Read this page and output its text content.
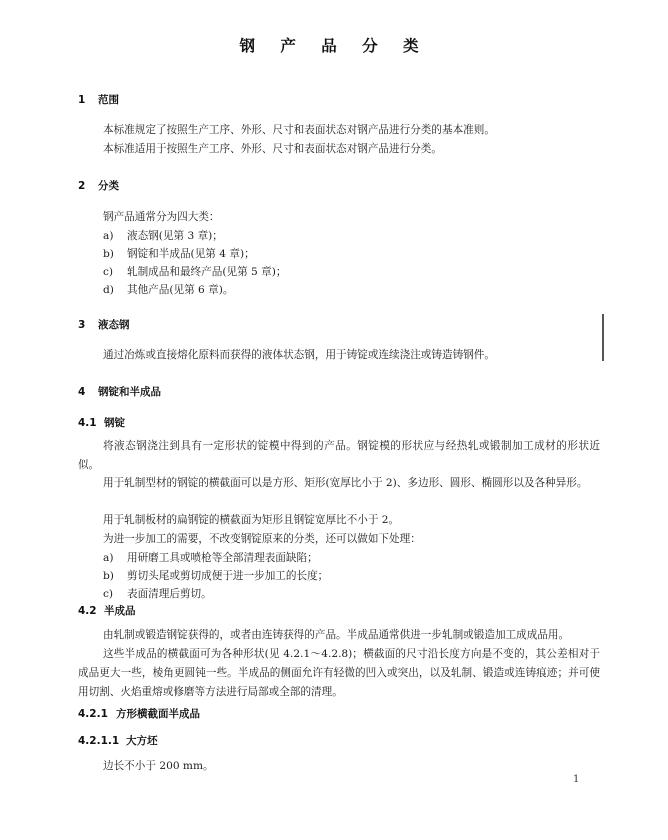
钢 产 品 分 类
1 范围
本标准规定了按照生产工序、外形、尺寸和表面状态对钢产品进行分类的基本准则。
本标准适用于按照生产工序、外形、尺寸和表面状态对钢产品进行分类。
2 分类
钢产品通常分为四大类：
a) 液态钢(见第 3 章)；
b) 钢锭和半成品(见第 4 章)；
c) 轧制成品和最终产品(见第 5 章)；
d) 其他产品(见第 6 章)。
3 液态钢
通过冶炼或直接熔化原料而获得的液体状态钢，用于铸锭或连续浇注或铸造铸钢件。
4 钢锭和半成品
4.1 钢锭
将液态钢浇注到具有一定形状的锭模中得到的产品。钢锭模的形状应与经热轧或锻制加工成材的形状近似。
用于轧制型材的钢锭的横截面可以是方形、矩形(宽厚比小于 2)、多边形、圆形、椭圆形以及各种异形。
用于轧制板材的扁钢锭的横截面为矩形且钢锭宽厚比不小于 2。
为进一步加工的需要，不改变钢锭原来的分类，还可以做如下处理：
a) 用研磨工具或喷枪等全部清理表面缺陷；
b) 剪切头尾或剪切成便于进一步加工的长度；
c) 表面清理后剪切。
4.2 半成品
由轧制或锻造钢锭获得的，或者由连铸获得的产品。半成品通常供进一步轧制或锻造加工成成品用。
这些半成品的横截面可为各种形状(见 4.2.1～4.2.8)；横截面的尺寸沿长度方向是不变的，其公差相对于成品更大一些，棱角更圆钝一些。半成品的侧面允许有轻微的凹入或突出，以及轧制、锻造或连铸痕迹；并可使用切割、火焰重熔或修磨等方法进行局部或全部的清理。
4.2.1 方形横截面半成品
4.2.1.1 大方坯
边长不小于 200 mm。
1
